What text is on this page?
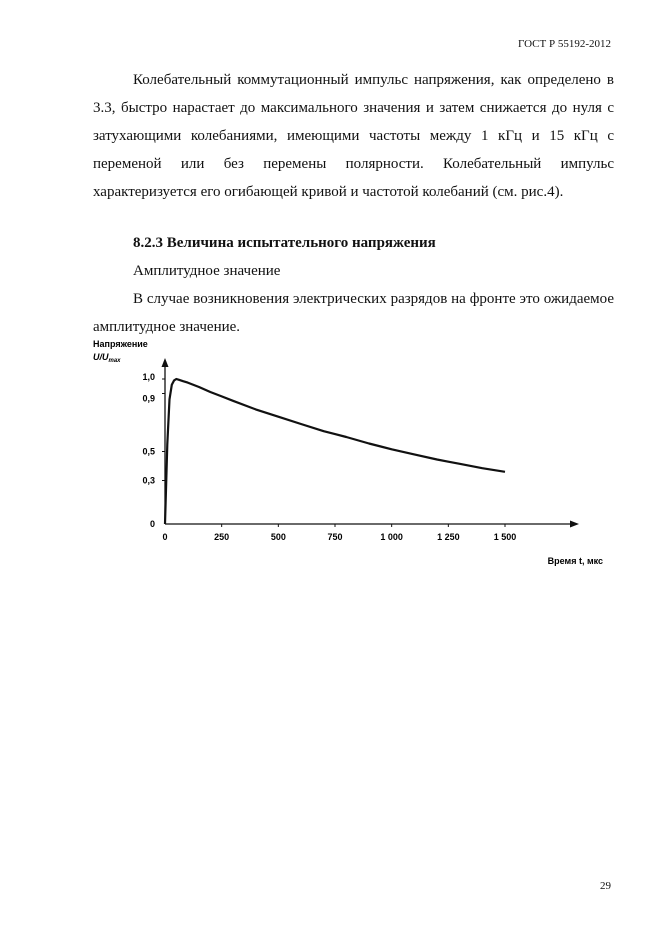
ГОСТ Р 55192-2012

Колебательный коммутационный импульс напряжения, как определено в 3.3, быстро нарастает до максимального значения и затем снижается до нуля с затухающими колебаниями, имеющими частоты между 1 кГц и 15 кГц с переменой или без перемены полярности. Колебательный импульс характеризуется его огибающей кривой и частотой колебаний (см. рис.4).

8.2.3 Величина испытательного напряжения

Амплитудное значение

В случае возникновения электрических разрядов на фронте это ожидаемое амплитудное значение.

Напряжение
$U/U_{max}$
0
0,3
0,5
0,9
1,0
0	250	500	750	1 000	1 250	1 500
Время t, мкс
29
